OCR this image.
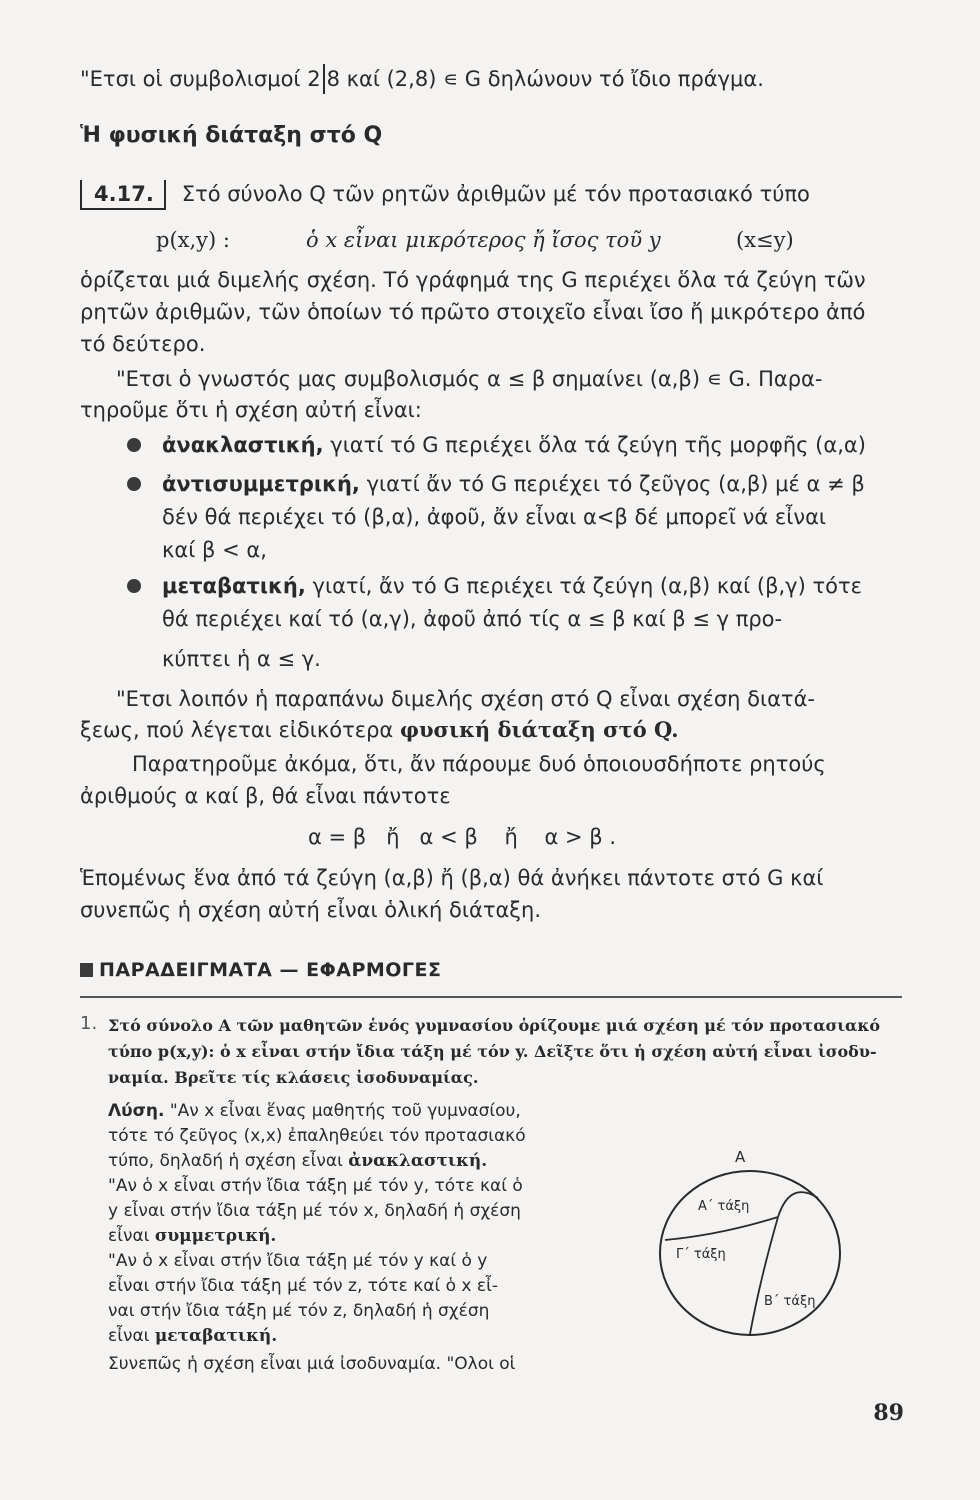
"Ετσι οἱ συμβολισμοί 2 8 καί (2,8) ∊ G δηλώνουν τό ἴδιο πράγμα.
Ἡ φυσική διάταξη στό Q
4.17. Στό σύνολο Q τῶν ρητῶν ἀριθμῶν μέ τόν προτασιακό τύπο
p(x,y) :	ὁ x εἶναι μικρότερος ἤ ἴσος τοῦ y	(x≤y)
ὁρίζεται μιά διμελής σχέση. Τό γράφημά της G περιέχει ὅλα τά ζεύγη τῶν
ρητῶν ἀριθμῶν, τῶν ὁποίων τό πρῶτο στοιχεῖο εἶναι ἴσο ἤ μικρότερο ἀπό
τό δεύτερο.
"Ετσι ὁ γνωστός μας συμβολισμός α ≤ β σημαίνει (α,β) ∊ G. Παρα-
τηροῦμε ὅτι ἡ σχέση αὐτή εἶναι:
ἀνακλαστική, γιατί τό G περιέχει ὅλα τά ζεύγη τῆς μορφῆς (α,α)
ἀντισυμμετρική, γιατί ἄν τό G περιέχει τό ζεῦγος (α,β) μέ α ≠ β
δέν θά περιέχει τό (β,α), ἀφοῦ, ἄν εἶναι α<β δέ μπορεῖ νά εἶναι
καί β < α,
μεταβατική, γιατί, ἄν τό G περιέχει τά ζεύγη (α,β) καί (β,γ) τότε
θά περιέχει καί τό (α,γ), ἀφοῦ ἀπό τίς α ≤ β καί β ≤ γ προ-
κύπτει ἡ α ≤ γ.
"Ετσι λοιπόν ἡ παραπάνω διμελής σχέση στό Q εἶναι σχέση διατά-
ξεως, πού λέγεται εἰδικότερα φυσική διάταξη στό Q.
Παρατηροῦμε ἀκόμα, ὅτι, ἄν πάρουμε δυό ὁποιουσδήποτε ρητούς
ἀριθμούς α καί β, θά εἶναι πάντοτε
α = β   ἤ   α < β    ἤ    α > β .
Ἑπομένως ἕνα ἀπό τά ζεύγη (α,β) ἤ (β,α) θά ἀνήκει πάντοτε στό G καί
συνεπῶς ἡ σχέση αὐτή εἶναι ὁλική διάταξη.
ΠΑΡΑΔΕΙΓΜΑΤΑ — ΕΦΑΡΜΟΓΕΣ
1. Στό σύνολο A τῶν μαθητῶν ἑνός γυμνασίου ὁρίζουμε μιά σχέση μέ τόν προτασιακό
τύπο p(x,y): ὁ x εἶναι στήν ἴδια τάξη μέ τόν y. Δεῖξτε ὅτι ἡ σχέση αὐτή εἶναι ἰσοδυ-
ναμία. Βρεῖτε τίς κλάσεις ἰσοδυναμίας.
Λύση. "Αν x εἶναι ἕνας μαθητής τοῦ γυμνασίου,
τότε τό ζεῦγος (x,x) ἐπαληθεύει τόν προτασιακό
τύπο, δηλαδή ἡ σχέση εἶναι ἀνακλαστική.
"Αν ὁ x εἶναι στήν ἴδια τάξη μέ τόν y, τότε καί ὁ
y εἶναι στήν ἴδια τάξη μέ τόν x, δηλαδή ἡ σχέση
εἶναι συμμετρική.
"Αν ὁ x εἶναι στήν ἴδια τάξη μέ τόν y καί ὁ y
εἶναι στήν ἴδια τάξη μέ τόν z, τότε καί ὁ x εἶ-
ναι στήν ἴδια τάξη μέ τόν z, δηλαδή ἡ σχέση
εἶναι μεταβατική.
Συνεπῶς ἡ σχέση εἶναι μιά ἰσοδυναμία. "Ολοι οἱ
A
A΄ τάξη
Γ΄ τάξη
B΄ τάξη
89
